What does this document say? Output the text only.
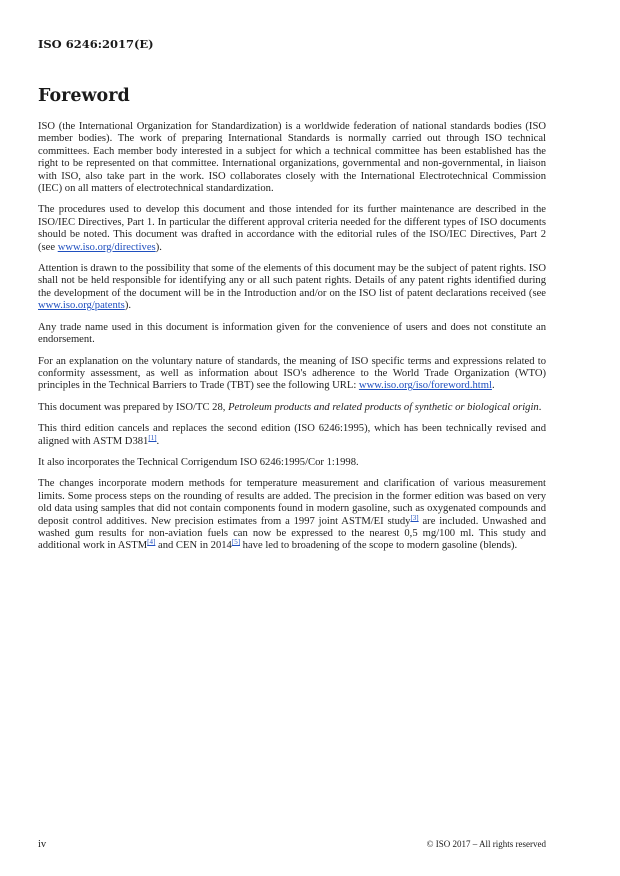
ISO 6246:2017(E)
Foreword

ISO (the International Organization for Standardization) is a worldwide federation of national standards bodies (ISO member bodies). The work of preparing International Standards is normally carried out through ISO technical committees. Each member body interested in a subject for which a technical committee has been established has the right to be represented on that committee. International organizations, governmental and non-governmental, in liaison with ISO, also take part in the work. ISO collaborates closely with the International Electrotechnical Commission (IEC) on all matters of electrotechnical standardization.

The procedures used to develop this document and those intended for its further maintenance are described in the ISO/IEC Directives, Part 1. In particular the different approval criteria needed for the different types of ISO documents should be noted. This document was drafted in accordance with the editorial rules of the ISO/IEC Directives, Part 2 (see www.iso.org/directives).

Attention is drawn to the possibility that some of the elements of this document may be the subject of patent rights. ISO shall not be held responsible for identifying any or all such patent rights. Details of any patent rights identified during the development of the document will be in the Introduction and/or on the ISO list of patent declarations received (see www.iso.org/patents).

Any trade name used in this document is information given for the convenience of users and does not constitute an endorsement.

For an explanation on the voluntary nature of standards, the meaning of ISO specific terms and expressions related to conformity assessment, as well as information about ISO's adherence to the World Trade Organization (WTO) principles in the Technical Barriers to Trade (TBT) see the following URL: www.iso.org/iso/foreword.html.

This document was prepared by ISO/TC 28, Petroleum products and related products of synthetic or biological origin.

This third edition cancels and replaces the second edition (ISO 6246:1995), which has been technically revised and aligned with ASTM D381[1].

It also incorporates the Technical Corrigendum ISO 6246:1995/Cor 1:1998.

The changes incorporate modern methods for temperature measurement and clarification of various measurement limits. Some process steps on the rounding of results are added. The precision in the former edition was based on very old data using samples that did not contain components found in modern gasoline, such as oxygenated compounds and deposit control additives. New precision estimates from a 1997 joint ASTM/EI study[3] are included. Unwashed and washed gum results for non-aviation fuels can now be expressed to the nearest 0,5 mg/100 ml. This study and additional work in ASTM[4] and CEN in 2014[5] have led to broadening of the scope to modern gasoline (blends).

iv	© ISO 2017 – All rights reserved
